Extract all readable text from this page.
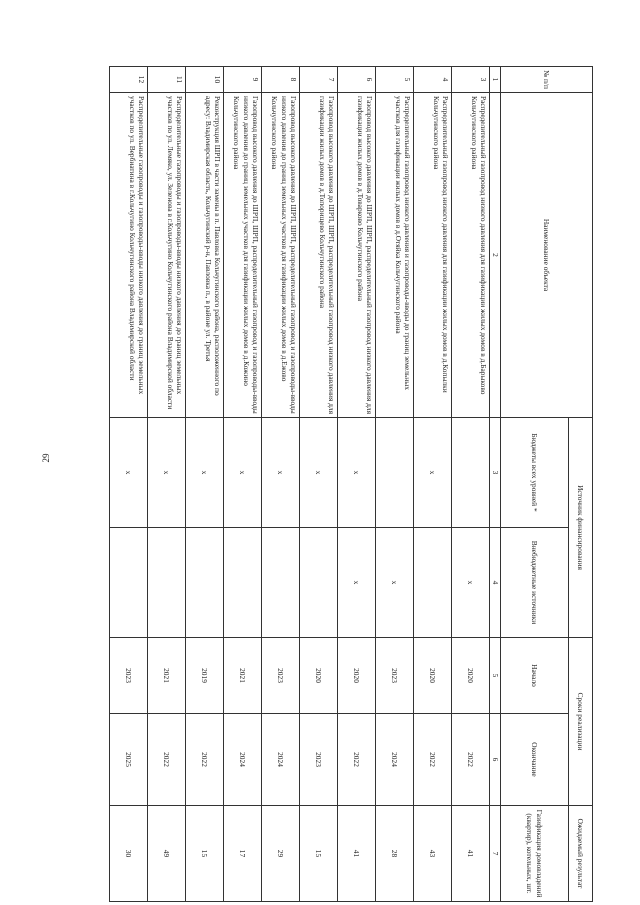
29
№ п/п	Наименование объекта	Источник финансирования		Сроки реализации		Ожидаемый результат
		Бюджеты всех уровней *	Внебюджетные источники	Начало	Окончание	Газификация домовладений (квартир), котельных, шт.
1	2	3	4	5	6	7
3	Распределительный газопровод низкого давления для газификации жилых домов в д.Барыково Кольчугинского района		х	2020	2022	41
4	Распределительный газопровод низкого давления для газификации жилых домов в д.Копылки Кольчугинского района	х		2020	2022	43
5	Распределительный газопровод низкого давления и газопроводы-вводы до границ земельных участков для газификации жилых домов в д.Отяйка Кольчугинского района		х	2023	2024	28
6	Газопровод высокого давления до ШРП, ШРП, распределительный газопровод низкого давления для газификации жилых домов в д.Товарково Кольчугинского района	х	х	2020	2022	41
7	Газопровод высокого давления до ШРП, ШРП, распределительный газопровод низкого давления для газификации жилых домов в д.Топорищево Кольчугинского района	х		2020	2023	15
8	Газопровод высокого давления до ШРП, ШРП, распределительный газопровод и газопроводы-вводы низкого давления до границ земельных участков для газификации жилых домов в д.Ежово Кольчугинского района	х		2023	2024	29
9	Газопровод высокого давления до ШРП, ШРП, распределительный газопровод и газопроводы-вводы низкого давления до границ земельных участков для газификации жилых домов в д.Кожино Кольчугинского района	х		2021	2024	17
10	Реконструкция ШРП в части замены в п. Павловка Кольчугинского района, расположенного по адресу: Владимирская область, Кольчугинский р-н, Павловка п., в районе ул. Третья	х		2019	2022	15
11	Распределительные газопроводы и газопроводы-вводы низкого давления до границ земельных участков по ул. Лемяко, ул. Зеленова в г.Кольчугино Кольчугинского района Владимирской области	х		2021	2022	49
12	Распределительные газопроводы и газопроводы-вводы низкого давления до границ земельных участков по ул. Вербиатина в г.Кольчугино Кольчугинского района Владимирской области	х		2023	2025	30
